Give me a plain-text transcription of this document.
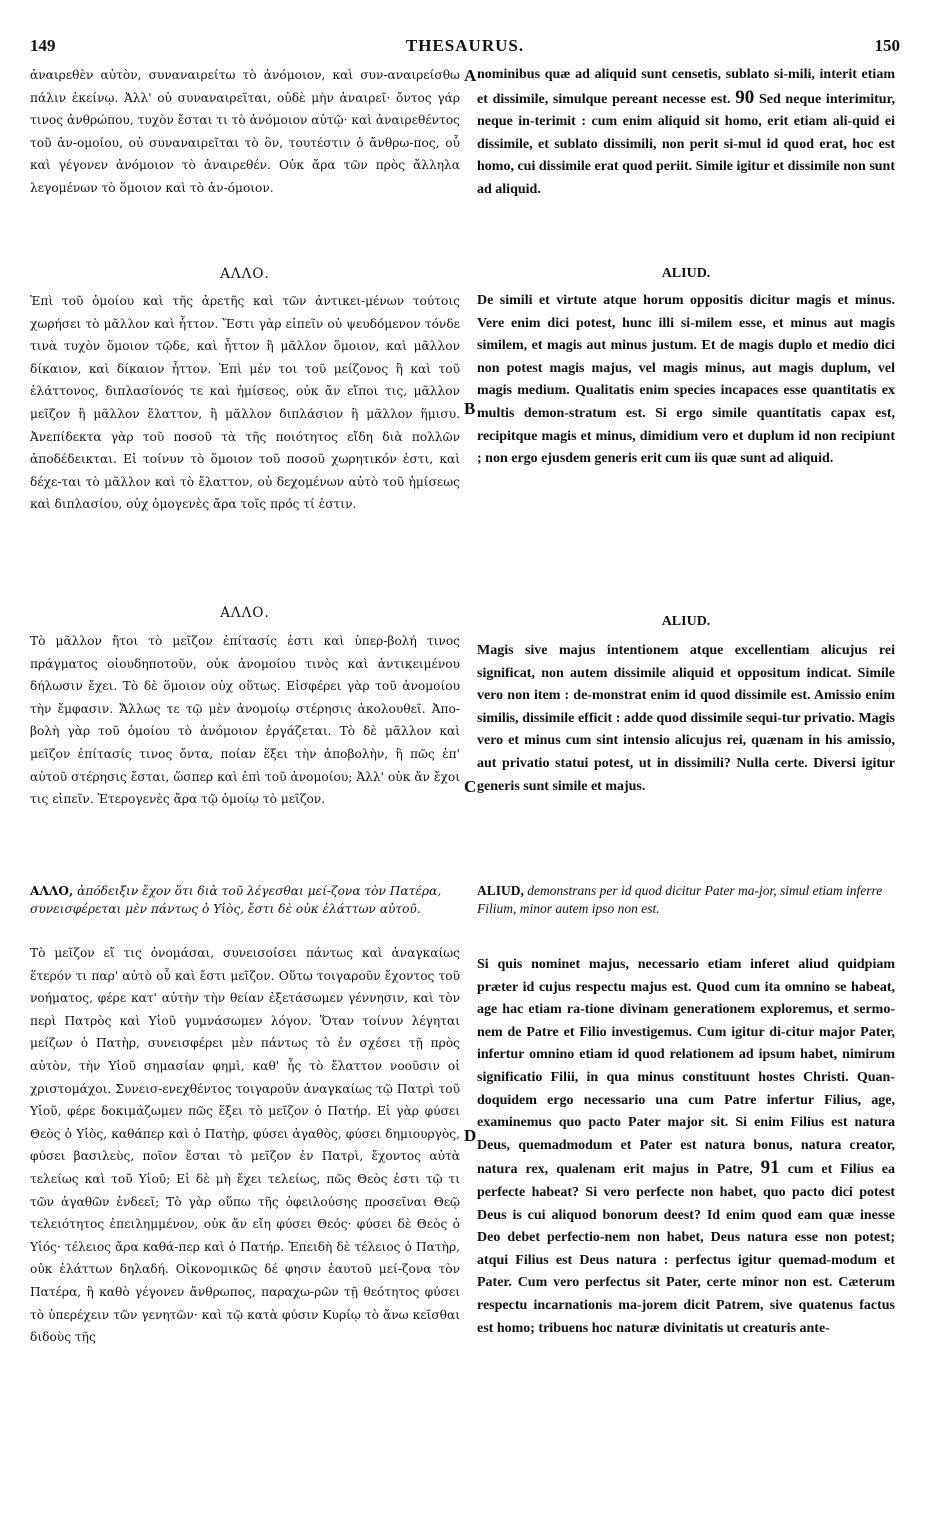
149	THESAURUS.	150
A
B
C
D

ἀναιρεθὲν αὐτὸν, συναναιρείτω τὸ ἀνόμοιον, καὶ συν-αναιρείσθω πάλιν ἐκείνῳ. Ἀλλ' οὐ συναναιρεῖται, οὐδὲ μὴν ἀναιρεῖ· ὄντος γάρ τινος ἀνθρώπου, τυχὸν ἔσται τι τὸ ἀνόμοιον αὐτῷ· καὶ ἀναιρεθέντος τοῦ ἀν-ομοίου, οὐ συναναιρεῖται τὸ ὂν, τουτέστιν ὁ ἄνθρω-πος, οὗ καὶ γέγονεν ἀνόμοιον τὸ ἀναιρεθέν. Οὐκ ἄρα τῶν πρὸς ἄλληλα λεγομένων τὸ ὅμοιον καὶ τὸ ἀν-όμοιον.

ΑΛΛΟ.

Ἐπὶ τοῦ ὁμοίου καὶ τῆς ἀρετῆς καὶ τῶν ἀντικει-μένων τούτοις χωρήσει τὸ μᾶλλον καὶ ἧττον. Ἔστι γὰρ εἰπεῖν οὐ ψευδόμενον τόνδε τινὰ τυχὸν ὅμοιον τῷδε, καὶ ἧττον ἢ μᾶλλον ὅμοιον, καὶ μᾶλλον δίκαιον, καὶ δίκαιον ἧττον. Ἐπὶ μέν τοι τοῦ μείζονος ἢ καὶ τοῦ ἐλάττονος, διπλασίονός τε καὶ ἡμίσεος, οὐκ ἄν εἴποι τις, μᾶλλον μεῖζον ἢ μᾶλλον ἔλαττον, ἢ μᾶλλον διπλάσιον ἢ μᾶλλον ἥμισυ. Ἀνεπίδεκτα γὰρ τοῦ ποσοῦ τὰ τῆς ποιότητος εἴδη διὰ πολλῶν ἀποδέδεικται. Εἰ τοίνυν τὸ ὅμοιον τοῦ ποσοῦ χωρητικόν ἐστι, καὶ δέχε-ται τὸ μᾶλλον καὶ τὸ ἔλαττον, οὐ δεχομένων αὐτὸ τοῦ ἡμίσεως καὶ διπλασίου, οὐχ ὁμογενὲς ἄρα τοῖς πρός τί ἐστιν.

ΑΛΛΟ.

Τὸ μᾶλλον ἤτοι τὸ μεῖζον ἐπίτασίς ἐστι καὶ ὑπερ-βολή τινος πράγματος οἱουδηποτοῦν, οὐκ ἀνομοίου τινὸς καὶ ἀντικειμένου δήλωσιν ἔχει. Τὸ δὲ ὅμοιον οὐχ οὕτως. Εἰσφέρει γὰρ τοῦ ἀνομοίου τὴν ἔμφασιν. Ἄλλως τε τῷ μὲν ἀνομοίῳ στέρησις ἀκολουθεῖ. Ἀπο-βολὴ γὰρ τοῦ ὁμοίου τὸ ἀνόμοιον ἐργάζεται. Τὸ δὲ μᾶλλον καὶ μεῖζον ἐπίτασίς τινος ὄντα, ποίαν ἕξει τὴν ἀποβολὴν, ἢ πῶς ἐπ' αὐτοῦ στέρησις ἔσται, ὥσπερ καὶ ἐπὶ τοῦ ἀνομοίου; Ἀλλ' οὐκ ἄν ἔχοι τις εἰπεῖν. Ἑτερογενὲς ἄρα τῷ ὁμοίῳ τὸ μεῖζον.

ΑΛΛΟ, ἀπόδειξιν ἔχον ὅτι διὰ τοῦ λέγεσθαι μεί-ζονα τὸν Πατέρα, συνεισφέρεται μὲν πάντως ὁ Υἱὸς, ἔστι δὲ οὐκ ἐλάττων αὐτοῦ.

Τὸ μεῖζον εἴ τις ὀνομάσαι, συνεισοίσει πάντως καὶ ἀναγκαίως ἕτερόν τι παρ' αὐτὸ οὗ καὶ ἔστι μεῖζον. Οὕτω τοιγαροῦν ἔχοντος τοῦ νοήματος, φέρε κατ' αὐτὴν τὴν θείαν ἐξετάσωμεν γέννησιν, καὶ τὸν περὶ Πατρὸς καὶ Υἱοῦ γυμνάσωμεν λόγον. Ὅταν τοίνυν λέγηται μείζων ὁ Πατὴρ, συνεισφέρει μὲν πάντως τὸ ἐν σχέσει τῇ πρὸς αὐτὸν, τὴν Υἱοῦ σημασίαν φημὶ, καθ' ἧς τὸ ἔλαττον νοοῦσιν οἱ χριστομάχοι. Συνεισ-ενεχθέντος τοιγαροῦν ἀναγκαίως τῷ Πατρὶ τοῦ Υἱοῦ, φέρε δοκιμάζωμεν πῶς ἕξει τὸ μεῖζον ὁ Πατήρ. Εἰ γὰρ φύσει Θεὸς ὁ Υἱὸς, καθάπερ καὶ ὁ Πατὴρ, φύσει ἀγαθὸς, φύσει δημιουργὸς, φύσει βασιλεὺς, ποῖον ἔσται τὸ μεῖζον ἐν Πατρὶ, ἔχοντος αὐτὰ τελείως καὶ τοῦ Υἱοῦ; Εἰ δὲ μὴ ἔχει τελείως, πῶς Θεὸς ἐστι τῷ τι τῶν ἀγαθῶν ἐνδεεῖ; Τὸ γὰρ οὕπω τῆς ὀφειλούσης προσεῖναι Θεῷ τελειότητος ἐπειλημμένον, οὐκ ἄν εἴη φύσει Θεός· φύσει δὲ Θεὸς ὁ Υἱός· τέλειος ἄρα καθά-περ καὶ ὁ Πατήρ. Ἐπειδὴ δὲ τέλειος ὁ Πατὴρ, οὐκ ἐλάττων δηλαδή. Οἰκονομικῶς δέ φησιν ἑαυτοῦ μεί-ζονα τὸν Πατέρα, ἢ καθὸ γέγονεν ἄνθρωπος, παραχω-ρῶν τῇ θεότητος φύσει τὸ ὑπερέχειν τῶν γενητῶν· καὶ τῷ κατὰ φύσιν Κυρίῳ τὸ ἄνω κεῖσθαι διδοὺς τῆς

nominibus quæ ad aliquid sunt censetis, sublato si-mili, interit etiam et dissimile, simulque pereant necesse est. 90 Sed neque interimitur, neque in-terimit : cum enim aliquid sit homo, erit etiam ali-quid ei dissimile, et sublato dissimili, non perit si-mul id quod erat, hoc est homo, cui dissimile erat quod periit. Simile igitur et dissimile non sunt ad aliquid.

ALIUD.

De simili et virtute atque horum oppositis dicitur magis et minus. Vere enim dici potest, hunc illi si-milem esse, et minus aut magis similem, et magis aut minus justum. Et de magis duplo et medio dici non potest magis majus, vel magis minus, aut magis duplum, vel magis medium. Qualitatis enim species incapaces esse quantitatis ex multis demon-stratum est. Si ergo simile quantitatis capax est, recipitque magis et minus, dimidium vero et duplum id non recipiunt ; non ergo ejusdem generis erit cum iis quæ sunt ad aliquid.

ALIUD.

Magis sive majus intentionem atque excellentiam alicujus rei significat, non autem dissimile aliquid et oppositum indicat. Simile vero non item : de-monstrat enim id quod dissimile est. Amissio enim similis, dissimile efficit : adde quod dissimile sequi-tur privatio. Magis vero et minus cum sint intensio alicujus rei, quænam in his amissio, aut privatio statui potest, ut in dissimili? Nulla certe. Diversi igitur generis sunt simile et majus.

ALIUD, demonstrans per id quod dicitur Pater ma-jor, simul etiam inferre Filium, minor autem ipso non est.

Si quis nominet majus, necessario etiam inferet aliud quidpiam præter id cujus respectu majus est. Quod cum ita omnino se habeat, age hac etiam ra-tione divinam generationem exploremus, et sermo-nem de Patre et Filio investigemus. Cum igitur di-citur major Pater, infertur omnino etiam id quod relationem ad ipsum habet, nimirum significatio Filii, in qua minus constituunt hostes Christi. Quan-doquidem ergo necessario una cum Patre infertur Filius, age, examinemus quo pacto Pater major sit. Si enim Filius est natura Deus, quemadmodum et Pater est natura bonus, natura creator, natura rex, qualenam erit majus in Patre, 91 cum et Filius ea perfecte habeat? Si vero perfecte non habet, quo pacto dici potest Deus is cui aliquod bonorum deest? Id enim quod eam quæ inesse Deo debet perfectio-nem non habet, Deus natura esse non potest; atqui Filius est Deus natura : perfectus igitur quemad-modum et Pater. Cum vero perfectus sit Pater, certe minor non est. Cæterum respectu incarnationis ma-jorem dicit Patrem, sive quatenus factus est homo; tribuens hoc naturæ divinitatis ut creaturis ante-
